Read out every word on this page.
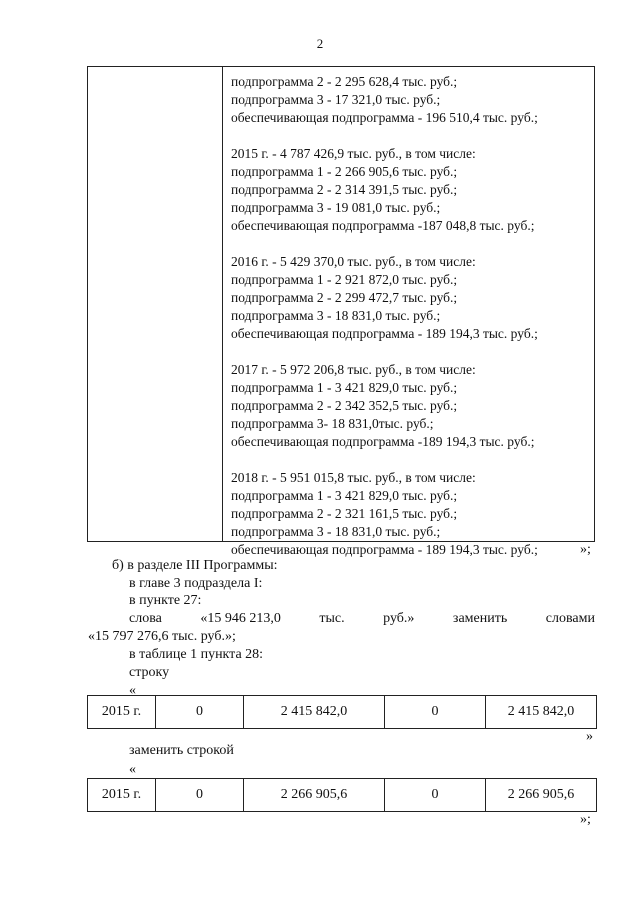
2
подпрограмма 2 - 2 295 628,4 тыс. руб.;
подпрограмма 3 - 17 321,0 тыс. руб.;
обеспечивающая подпрограмма - 196 510,4 тыс. руб.;
2015 г. - 4 787 426,9 тыс. руб., в том числе:
подпрограмма 1 - 2 266 905,6 тыс. руб.;
подпрограмма 2 - 2 314 391,5 тыс. руб.;
подпрограмма 3 - 19 081,0 тыс. руб.;
обеспечивающая подпрограмма -187 048,8 тыс. руб.;
2016 г. - 5 429 370,0 тыс. руб., в том числе:
подпрограмма 1 - 2 921 872,0 тыс. руб.;
подпрограмма 2 - 2 299 472,7 тыс. руб.;
подпрограмма 3 - 18 831,0 тыс. руб.;
обеспечивающая подпрограмма - 189 194,3 тыс. руб.;
2017 г. - 5 972 206,8 тыс. руб., в том числе:
подпрограмма 1 - 3 421 829,0 тыс. руб.;
подпрограмма 2 - 2 342 352,5 тыс. руб.;
подпрограмма 3- 18 831,0тыс. руб.;
обеспечивающая подпрограмма -189 194,3 тыс. руб.;
2018 г. - 5 951 015,8 тыс. руб., в том числе:
подпрограмма 1 - 3 421 829,0 тыс. руб.;
подпрограмма 2 - 2 321 161,5 тыс. руб.;
подпрограмма 3 - 18 831,0 тыс. руб.;
обеспечивающая подпрограмма - 189 194,3 тыс. руб.;	»;
б) в разделе III Программы:
в главе 3 подраздела I:
в пункте 27:
слова	«15 946 213,0	тыс.	руб.»	заменить	словами
«15 797 276,6 тыс. руб.»;
в таблице 1 пункта 28:
строку
«
2015 г.	0	2 415 842,0	0	2 415 842,0
»
заменить строкой
«
2015 г.	0	2 266 905,6	0	2 266 905,6
»;
